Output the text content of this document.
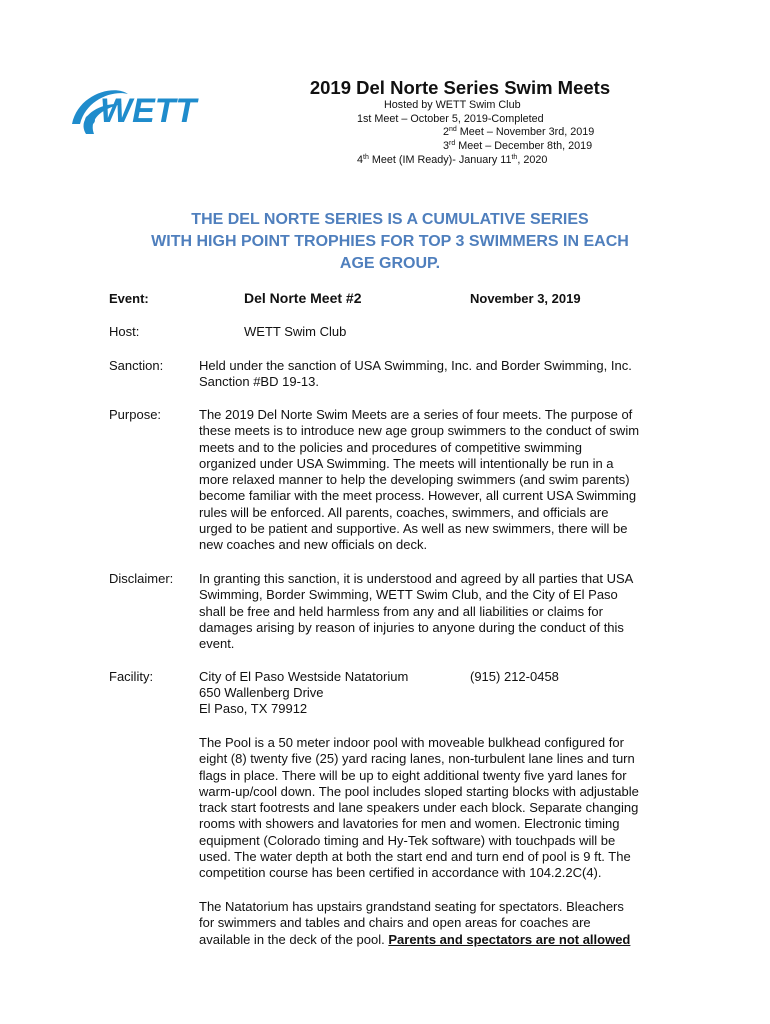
WETT
2019 Del Norte Series Swim Meets
Hosted by WETT Swim Club
1st Meet – October 5, 2019-Completed
2nd Meet – November 3rd, 2019
3rd Meet – December 8th, 2019
4th Meet (IM Ready)- January 11th, 2020
THE DEL NORTE SERIES IS A CUMULATIVE SERIES
WITH HIGH POINT TROPHIES FOR TOP 3 SWIMMERS IN EACH
AGE GROUP.
Event:	Del Norte Meet #2	November 3, 2019
Host:	WETT Swim Club
Sanction:	Held under the sanction of USA Swimming, Inc. and Border Swimming, Inc.
Sanction #BD 19-13.
Purpose:	The 2019 Del Norte Swim Meets are a series of four meets. The purpose of
these meets is to introduce new age group swimmers to the conduct of swim
meets and to the policies and procedures of competitive swimming
organized under USA Swimming. The meets will intentionally be run in a
more relaxed manner to help the developing swimmers (and swim parents)
become familiar with the meet process. However, all current USA Swimming
rules will be enforced. All parents, coaches, swimmers, and officials are
urged to be patient and supportive. As well as new swimmers, there will be
new coaches and new officials on deck.
Disclaimer: In granting this sanction, it is understood and agreed by all parties that USA
Swimming, Border Swimming, WETT Swim Club, and the City of El Paso
shall be free and held harmless from any and all liabilities or claims for
damages arising by reason of injuries to anyone during the conduct of this
event.
Facility:	City of El Paso Westside Natatorium	(915) 212-0458
650 Wallenberg Drive
El Paso, TX 79912
The Pool is a 50 meter indoor pool with moveable bulkhead configured for
eight (8) twenty five (25) yard racing lanes, non-turbulent lane lines and turn
flags in place. There will be up to eight additional twenty five yard lanes for
warm-up/cool down. The pool includes sloped starting blocks with adjustable
track start footrests and lane speakers under each block. Separate changing
rooms with showers and lavatories for men and women. Electronic timing
equipment (Colorado timing and Hy-Tek software) with touchpads will be
used. The water depth at both the start end and turn end of pool is 9 ft. The
competition course has been certified in accordance with 104.2.2C(4).
The Natatorium has upstairs grandstand seating for spectators. Bleachers
for swimmers and tables and chairs and open areas for coaches are
available in the deck of the pool. Parents and spectators are not allowed
